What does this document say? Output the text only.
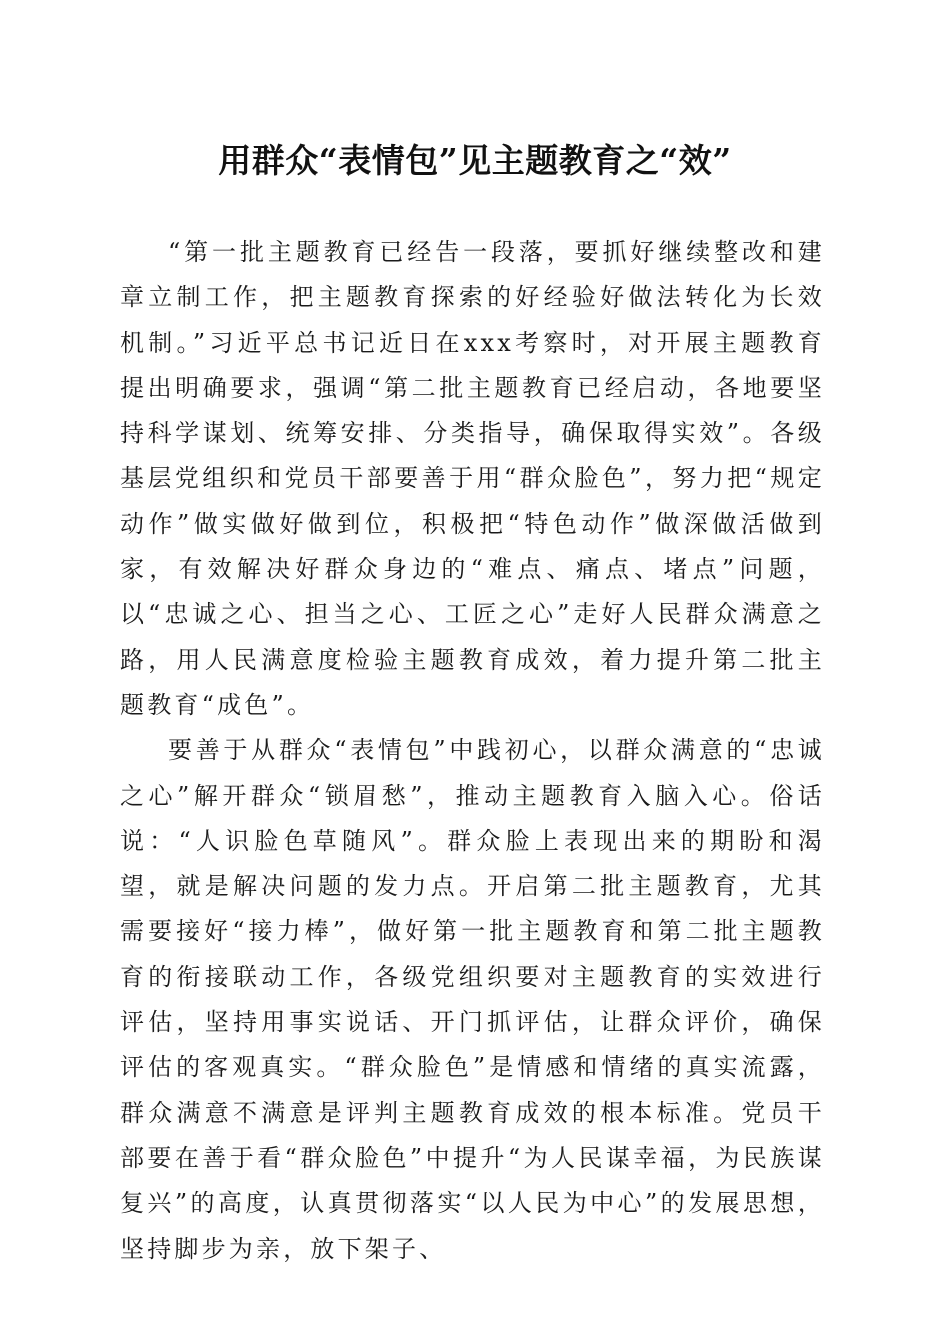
用群众“表情包”见主题教育之“效”

“第一批主题教育已经告一段落，要抓好继续整改和建章立制工作，把主题教育探索的好经验好做法转化为长效机制。”习近平总书记近日在xxx考察时，对开展主题教育提出明确要求，强调“第二批主题教育已经启动，各地要坚持科学谋划、统筹安排、分类指导，确保取得实效”。各级基层党组织和党员干部要善于用“群众脸色”，努力把“规定动作”做实做好做到位，积极把“特色动作”做深做活做到家，有效解决好群众身边的“难点、痛点、堵点”问题，以“忠诚之心、担当之心、工匠之心”走好人民群众满意之路，用人民满意度检验主题教育成效，着力提升第二批主题教育“成色”。

要善于从群众“表情包”中践初心，以群众满意的“忠诚之心”解开群众“锁眉愁”，推动主题教育入脑入心。俗话说：“人识脸色草随风”。群众脸上表现出来的期盼和渴望，就是解决问题的发力点。开启第二批主题教育，尤其需要接好“接力棒”，做好第一批主题教育和第二批主题教育的衔接联动工作，各级党组织要对主题教育的实效进行评估，坚持用事实说话、开门抓评估，让群众评价，确保评估的客观真实。“群众脸色”是情感和情绪的真实流露，群众满意不满意是评判主题教育成效的根本标准。党员干部要在善于看“群众脸色”中提升“为人民谋幸福，为民族谋复兴”的高度，认真贯彻落实“以人民为中心”的发展思想，坚持脚步为亲，放下架子、
